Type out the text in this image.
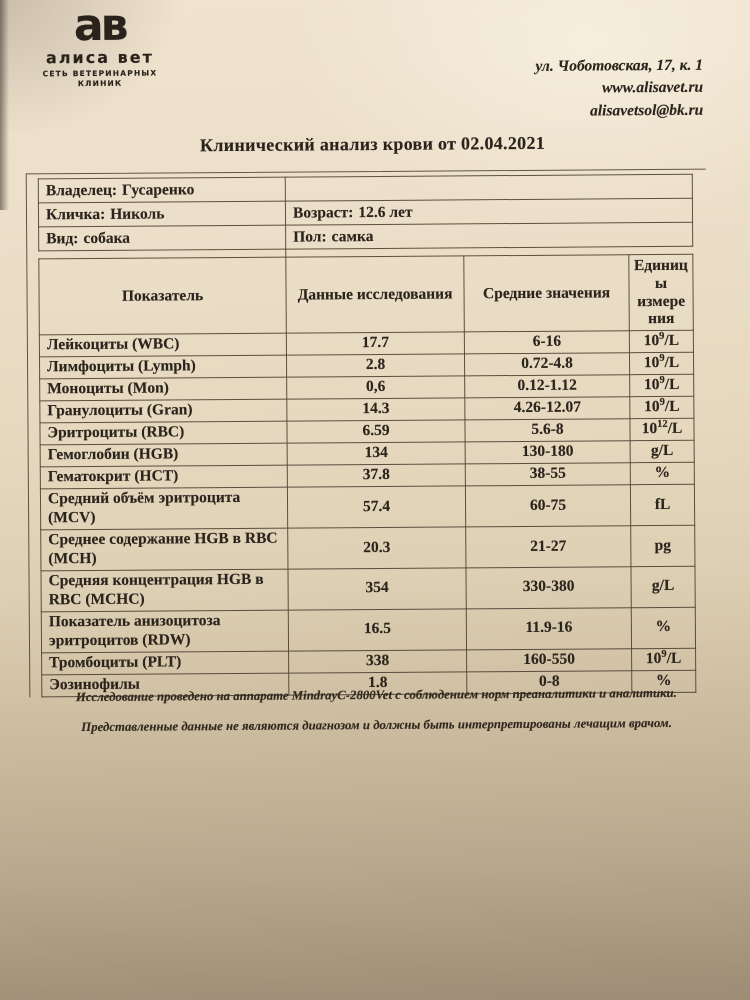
ав
алиса вет
СЕТЬ ВЕТЕРИНАРНЫХ КЛИНИК
ул. Чоботовская, 17, к. 1
www.alisavet.ru
alisavetsol@bk.ru
Клинический анализ крови от 02.04.2021
Владелец: Гусаренко	
Кличка: Николь	Возраст: 12.6 лет
Вид: собака	Пол: самка
Показатель	Данные исследования	Средние значения	Единицы измерения
Лейкоциты (WBC)	17.7	6-16	$10^9/L$
Лимфоциты (Lymph)	2.8	0.72-4.8	$10^9/L$
Моноциты (Mon)	0,6	0.12-1.12	$10^9/L$
Гранулоциты (Gran)	14.3	4.26-12.07	$10^9/L$
Эритроциты (RBC)	6.59	5.6-8	$10^{12}/L$
Гемоглобин (HGB)	134	130-180	g/L
Гематокрит (HCT)	37.8	38-55	%
Средний объём эритроцита (MCV)	57.4	60-75	fL
Среднее содержание HGB в RBC (MCH)	20.3	21-27	pg
Средняя концентрация HGB в RBC (MCHC)	354	330-380	g/L
Показатель анизоцитоза эритроцитов (RDW)	16.5	11.9-16	%
Тромбоциты (PLT)	338	160-550	$10^9/L$
Эозинофилы	1.8	0-8	%
Исследование проведено на аппарате MindrayC-2800Vet с соблюдением норм преаналитики и аналитики.
Представленные данные не являются диагнозом и должны быть интерпретированы лечащим врачом.
